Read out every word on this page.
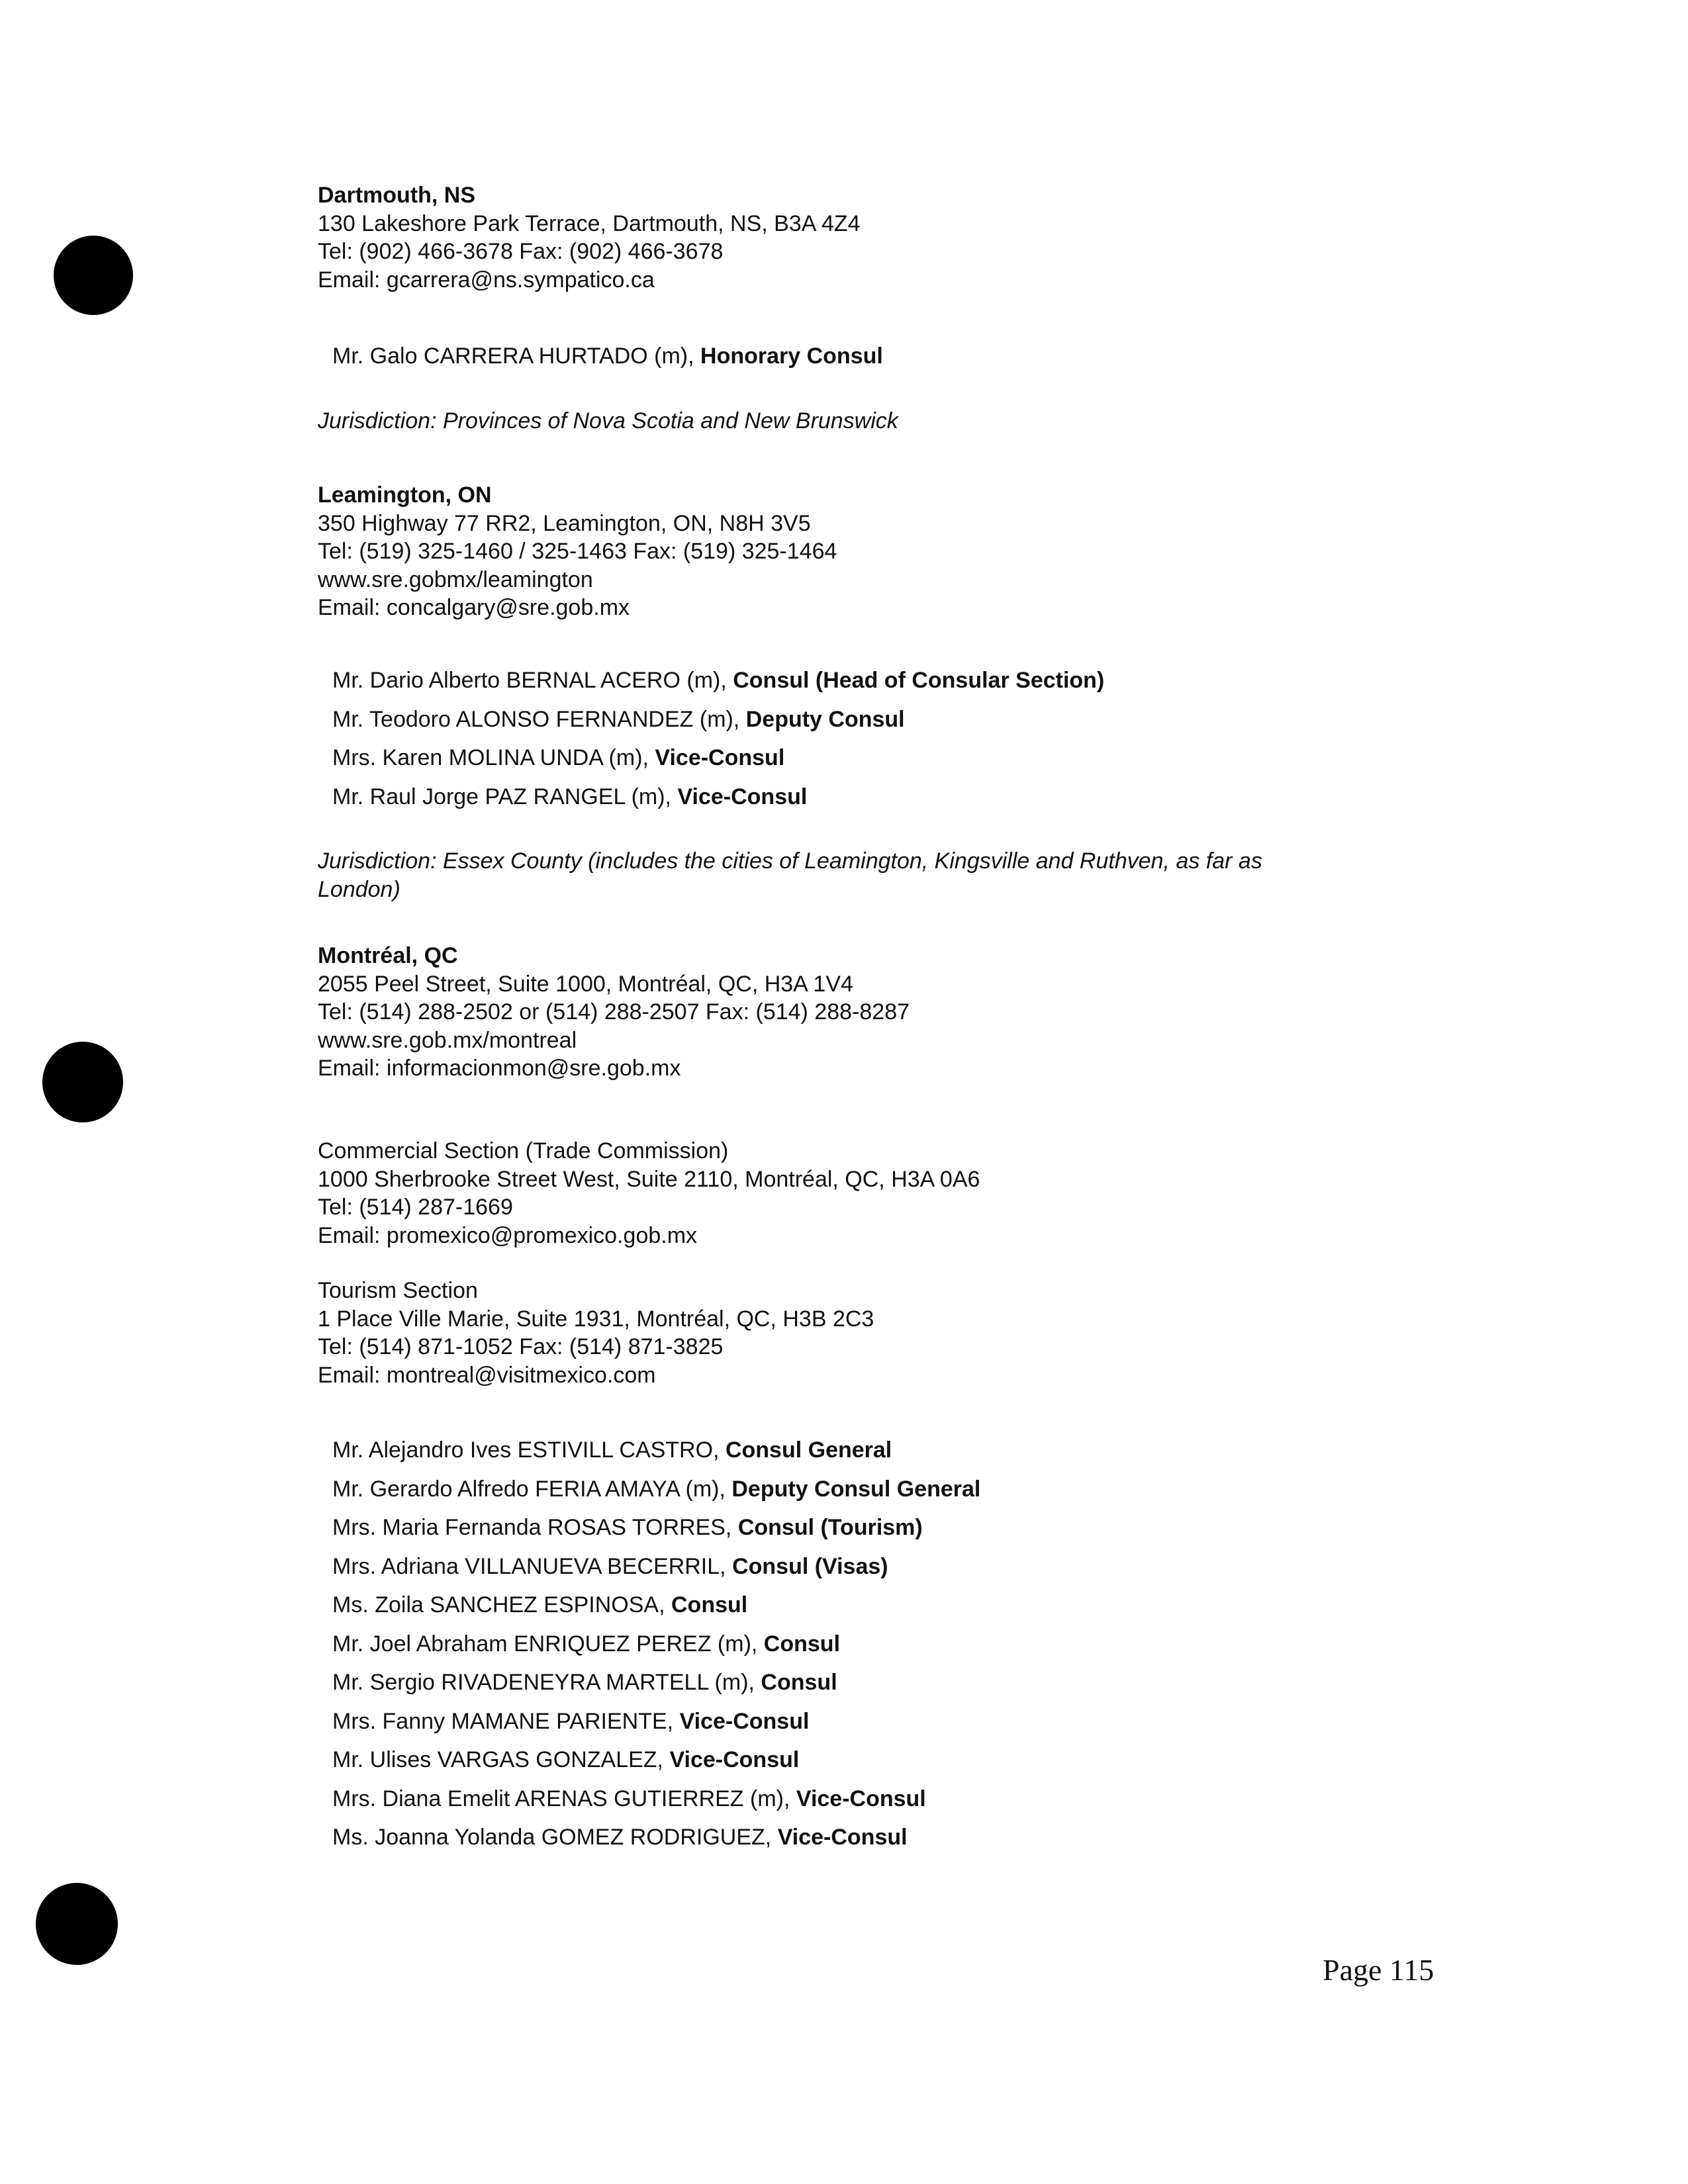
Dartmouth, NS
130 Lakeshore Park Terrace, Dartmouth, NS, B3A 4Z4
Tel: (902) 466-3678 Fax: (902) 466-3678
Email: gcarrera@ns.sympatico.ca
Mr. Galo CARRERA HURTADO (m), Honorary Consul
Jurisdiction: Provinces of Nova Scotia and New Brunswick
Leamington, ON
350 Highway 77 RR2, Leamington, ON, N8H 3V5
Tel: (519) 325-1460 / 325-1463 Fax: (519) 325-1464
www.sre.gobmx/leamington
Email: concalgary@sre.gob.mx
Mr. Dario Alberto BERNAL ACERO (m), Consul (Head of Consular Section)
Mr. Teodoro ALONSO FERNANDEZ (m), Deputy Consul
Mrs. Karen MOLINA UNDA (m), Vice-Consul
Mr. Raul Jorge PAZ RANGEL (m), Vice-Consul
Jurisdiction: Essex County (includes the cities of Leamington, Kingsville and Ruthven, as far as
London)
Montréal, QC
2055 Peel Street, Suite 1000, Montréal, QC, H3A 1V4
Tel: (514) 288-2502 or (514) 288-2507 Fax: (514) 288-8287
www.sre.gob.mx/montreal
Email: informacionmon@sre.gob.mx
Commercial Section (Trade Commission)
1000 Sherbrooke Street West, Suite 2110, Montréal, QC, H3A 0A6
Tel: (514) 287-1669
Email: promexico@promexico.gob.mx
Tourism Section
1 Place Ville Marie, Suite 1931, Montréal, QC, H3B 2C3
Tel: (514) 871-1052 Fax: (514) 871-3825
Email: montreal@visitmexico.com
Mr. Alejandro Ives ESTIVILL CASTRO, Consul General
Mr. Gerardo Alfredo FERIA AMAYA (m), Deputy Consul General
Mrs. Maria Fernanda ROSAS TORRES, Consul (Tourism)
Mrs. Adriana VILLANUEVA BECERRIL, Consul (Visas)
Ms. Zoila SANCHEZ ESPINOSA, Consul
Mr. Joel Abraham ENRIQUEZ PEREZ (m), Consul
Mr. Sergio RIVADENEYRA MARTELL (m), Consul
Mrs. Fanny MAMANE PARIENTE, Vice-Consul
Mr. Ulises VARGAS GONZALEZ, Vice-Consul
Mrs. Diana Emelit ARENAS GUTIERREZ (m), Vice-Consul
Ms. Joanna Yolanda GOMEZ RODRIGUEZ, Vice-Consul
Page 115
